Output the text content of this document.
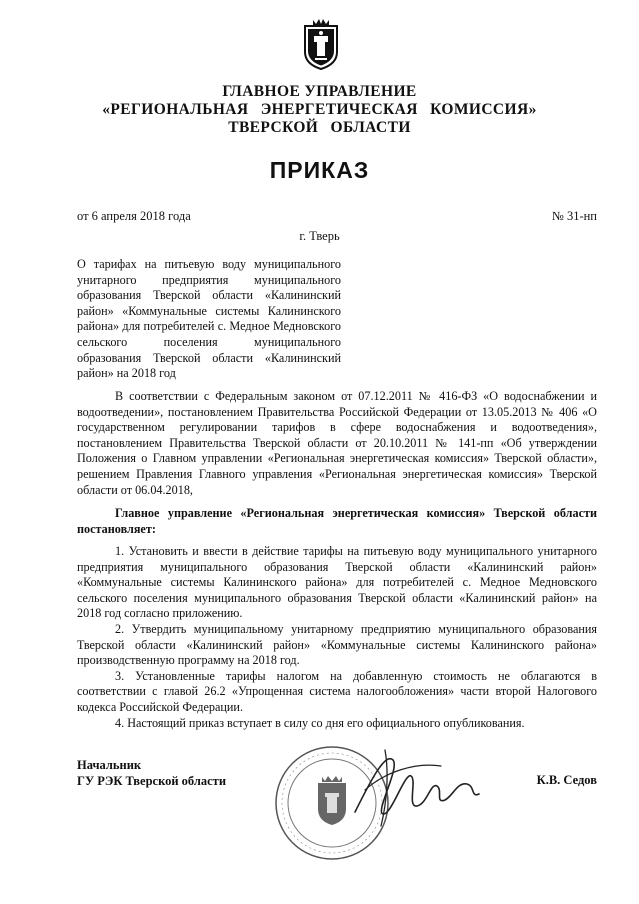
ГЛАВНОЕ УПРАВЛЕНИЕ
«РЕГИОНАЛЬНАЯ ЭНЕРГЕТИЧЕСКАЯ КОМИССИЯ»
ТВЕРСКОЙ ОБЛАСТИ
ПРИКАЗ
от 6 апреля 2018 года	№ 31-нп
г. Тверь
О тарифах на питьевую воду муниципального унитарного предприятия муниципального образования Тверской области «Калининский район» «Коммунальные системы Калининского района» для потребителей с. Медное Медновского сельского поселения муниципального образования Тверской области «Калининский район» на 2018 год
В соответствии с Федеральным законом от 07.12.2011 № 416-ФЗ «О водоснабжении и водоотведении», постановлением Правительства Российской Федерации от 13.05.2013 № 406 «О государственном регулировании тарифов в сфере водоснабжения и водоотведения», постановлением Правительства Тверской области от 20.10.2011 № 141-пп «Об утверждении Положения о Главном управлении «Региональная энергетическая комиссия» Тверской области», решением Правления Главного управления «Региональная энергетическая комиссия» Тверской области от 06.04.2018,
Главное управление «Региональная энергетическая комиссия» Тверской области постановляет:

1. Установить и ввести в действие тарифы на питьевую воду муниципального унитарного предприятия муниципального образования Тверской области «Калининский район» «Коммунальные системы Калининского района» для потребителей с. Медное Медновского сельского поселения муниципального образования Тверской области «Калининский район» на 2018 год согласно приложению.

2. Утвердить муниципальному унитарному предприятию муниципального образования Тверской области «Калининский район» «Коммунальные системы Калининского района» производственную программу на 2018 год.

3. Установленные тарифы налогом на добавленную стоимость не облагаются в соответствии с главой 26.2 «Упрощенная система налогообложения» части второй Налогового кодекса Российской Федерации.

4. Настоящий приказ вступает в силу со дня его официального опубликования.

Начальник
ГУ РЭК Тверской области	К.В. Седов
